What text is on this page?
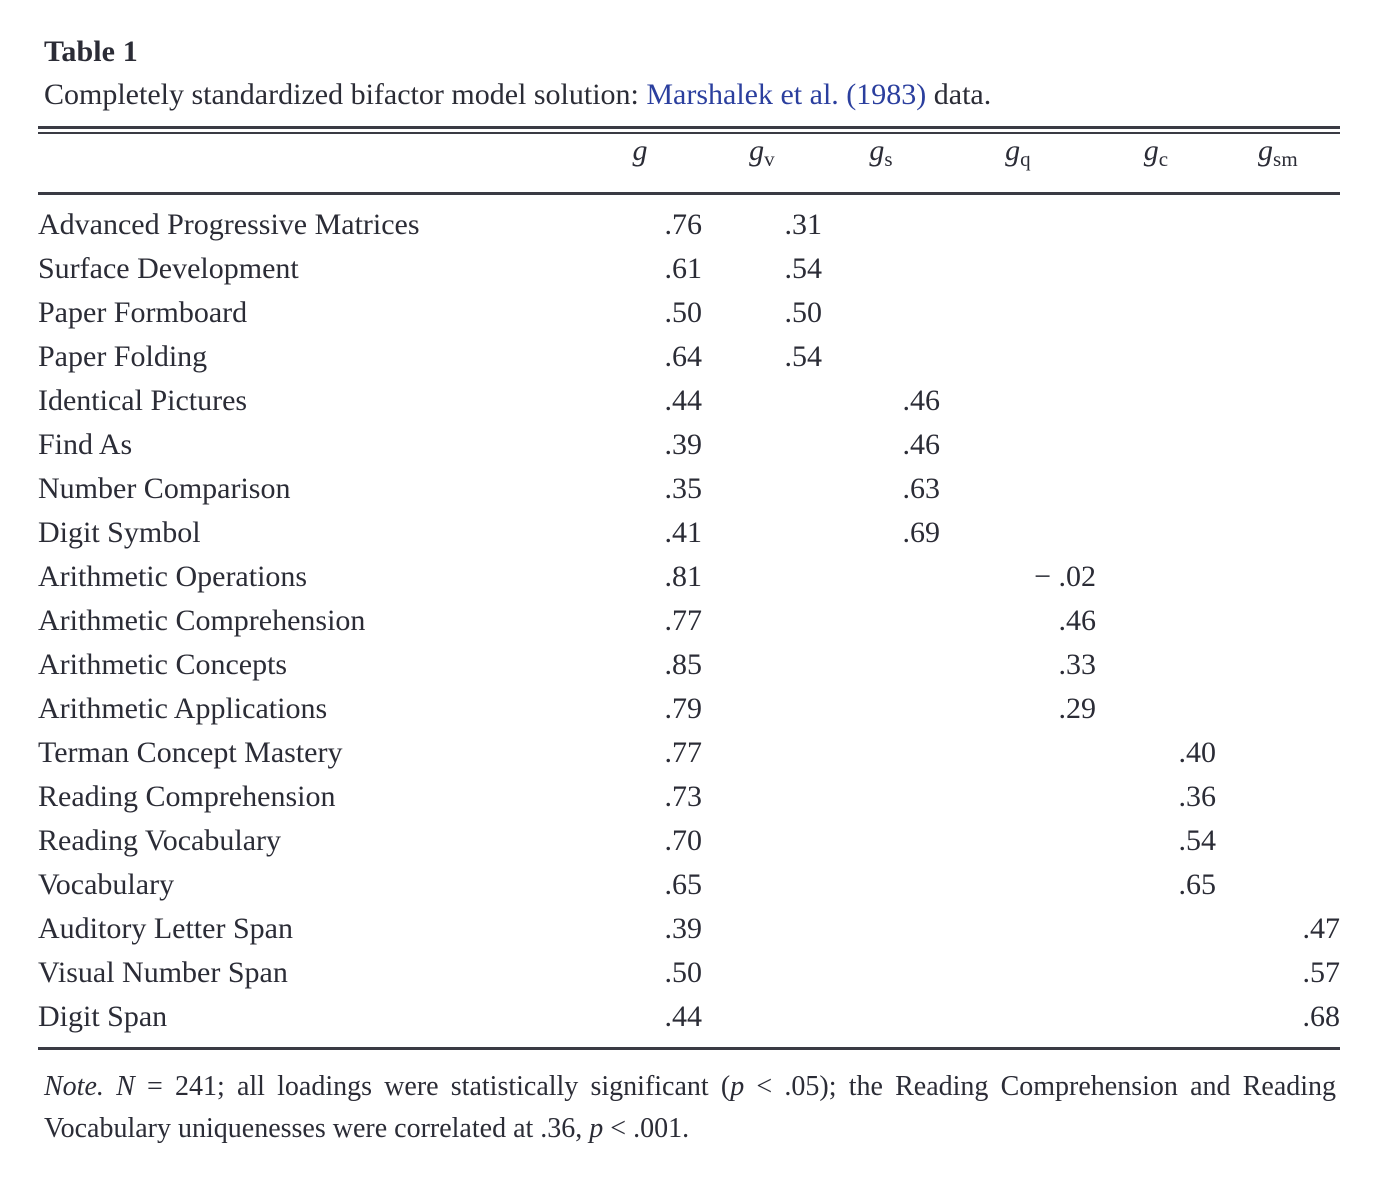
Table 1
Completely standardized bifactor model solution: Marshalek et al. (1983) data.
	g	gv	gs	gq	gc	gsm
Advanced Progressive Matrices	.76	.31				
Surface Development	.61	.54				
Paper Formboard	.50	.50				
Paper Folding	.64	.54				
Identical Pictures	.44		.46			
Find As	.39		.46			
Number Comparison	.35		.63			
Digit Symbol	.41		.69			
Arithmetic Operations	.81			− .02		
Arithmetic Comprehension	.77			.46		
Arithmetic Concepts	.85			.33		
Arithmetic Applications	.79			.29		
Terman Concept Mastery	.77				.40	
Reading Comprehension	.73				.36	
Reading Vocabulary	.70				.54	
Vocabulary	.65				.65	
Auditory Letter Span	.39					.47
Visual Number Span	.50					.57
Digit Span	.44					.68
Note. N = 241; all loadings were statistically significant (p < .05); the Reading Comprehension and Reading Vocabulary uniquenesses were correlated at .36, p < .001.
